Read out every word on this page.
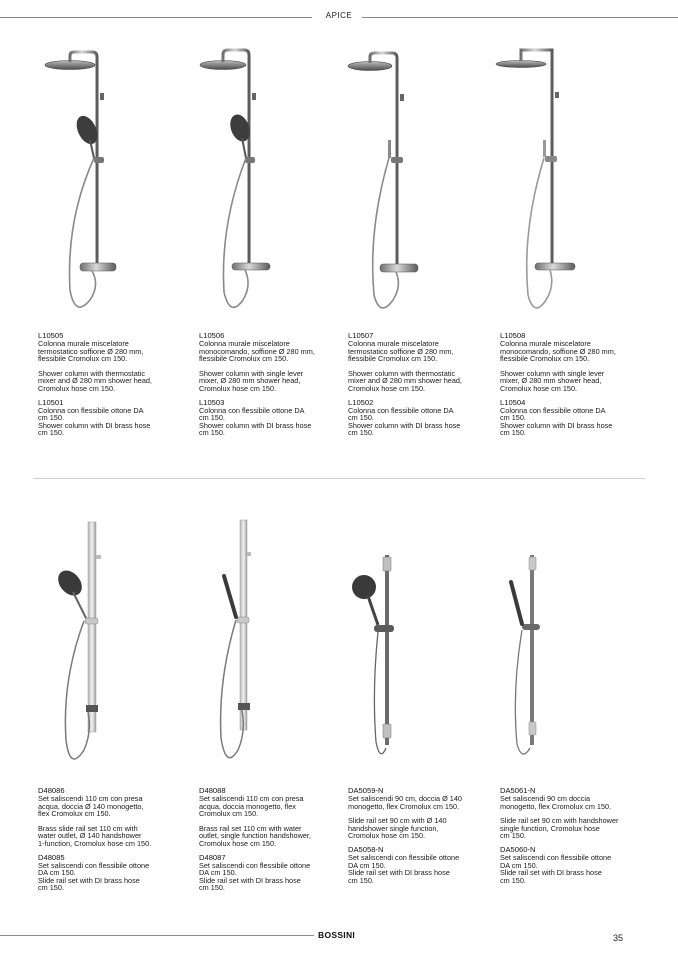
APICE

L10505

Colonna murale miscelatore
termostatico soffione Ø 280 mm,
flessibile Cromolux cm 150.

Shower column with thermostatic
mixer and Ø 280 mm shower head,
Cromolux hose cm 150.

L10501

Colonna con flessibile ottone DA
cm 150.
Shower column with DI brass hose
cm 150.

L10506

Colonna murale miscelatore
monocomando, soffione Ø 280 mm,
flessibile Cromolux cm 150.

Shower column with single lever
mixer, Ø 280 mm shower head,
Cromolux hose cm 150.

L10503

Colonna con flessibile ottone DA
cm 150.
Shower column with DI brass hose
cm 150.

L10507

Colonna murale miscelatore
termostatico soffione Ø 280 mm,
flessibile Cromolux cm 150.

Shower column with thermostatic
mixer and Ø 280 mm shower head,
Cromolux hose cm 150.

L10502

Colonna con flessibile ottone DA
cm 150.
Shower column with DI brass hose
cm 150.

L10508

Colonna murale miscelatore
monocomando, soffione Ø 280 mm,
flessibile Cromolux cm 150.

Shower column with single lever
mixer, Ø 280 mm shower head,
Cromolux hose cm 150.

L10504

Colonna con flessibile ottone DA
cm 150.
Shower column with DI brass hose
cm 150.

D48086

Set saliscendi 110 cm con presa
acqua, doccia Ø 140 monogetto,
flex Cromolux cm 150.

Brass slide rail set 110 cm with
water outlet, Ø 140 handshower
1-function, Cromolux hose cm 150.

D48085

Set saliscendi con flessibile ottone
DA cm 150.
Slide rail set with DI brass hose
cm 150.

D48088

Set saliscendi 110 cm con presa
acqua, doccia monogetto, flex
Cromolux cm 150.

Brass rail set 110 cm with water
outlet, single function handshower,
Cromolux hose cm 150.

D48087

Set saliscendi con flessibile ottone
DA cm 150.
Slide rail set with DI brass hose
cm 150.

DA5059-N

Set saliscendi 90 cm, doccia Ø 140
monogetto, flex Cromolux cm 150.

Slide rail set 90 cm with Ø 140
handshower single function,
Cromolux hose cm 150.

DA5058-N

Set saliscendi con flessibile ottone
DA cm 150.
Slide rail set with DI brass hose
cm 150.

DA5061-N

Set saliscendi 90 cm doccia
monogetto, flex Cromolux cm 150.

Slide rail set 90 cm with handshower
single function, Cromolux hose
cm 150.

DA5060-N

Set saliscendi con flessibile ottone
DA cm 150.
Slide rail set with DI brass hose
cm 150.

BOSSINI	35
